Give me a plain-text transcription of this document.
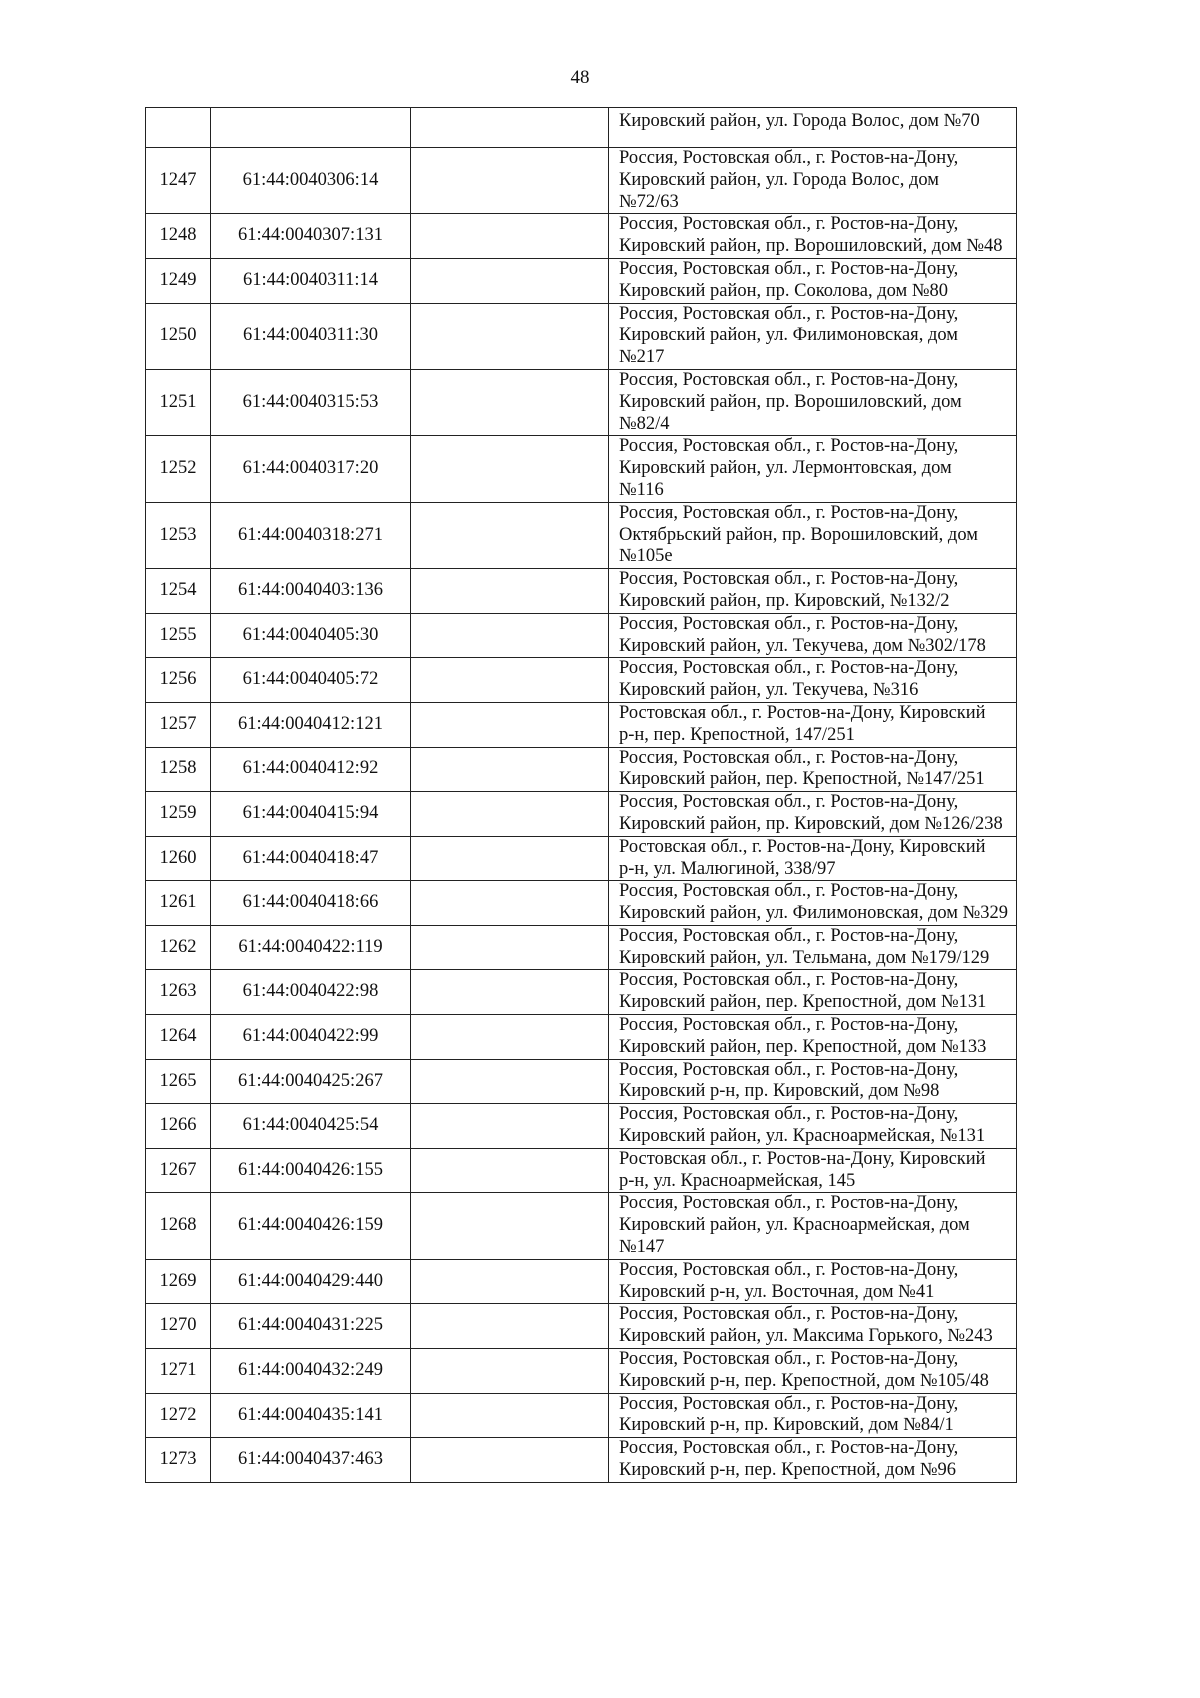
48

			Кировский район, ул. Города Волос, дом №70

1247	61:44:0040306:14		Россия, Ростовская обл., г. Ростов-на-Дону,
Кировский район, ул. Города Волос, дом
№72/63

1248	61:44:0040307:131		Россия, Ростовская обл., г. Ростов-на-Дону,
Кировский район, пр. Ворошиловский, дом №48

1249	61:44:0040311:14		Россия, Ростовская обл., г. Ростов-на-Дону,
Кировский район, пр. Соколова, дом №80

1250	61:44:0040311:30		Россия, Ростовская обл., г. Ростов-на-Дону,
Кировский район, ул. Филимоновская, дом
№217

1251	61:44:0040315:53		Россия, Ростовская обл., г. Ростов-на-Дону,
Кировский район, пр. Ворошиловский, дом
№82/4

1252	61:44:0040317:20		Россия, Ростовская обл., г. Ростов-на-Дону,
Кировский район, ул. Лермонтовская, дом
№116

1253	61:44:0040318:271		Россия, Ростовская обл., г. Ростов-на-Дону,
Октябрьский район, пр. Ворошиловский, дом
№105е

1254	61:44:0040403:136		Россия, Ростовская обл., г. Ростов-на-Дону,
Кировский район, пр. Кировский, №132/2

1255	61:44:0040405:30		Россия, Ростовская обл., г. Ростов-на-Дону,
Кировский район, ул. Текучева, дом №302/178

1256	61:44:0040405:72		Россия, Ростовская обл., г. Ростов-на-Дону,
Кировский район, ул. Текучева, №316

1257	61:44:0040412:121		Ростовская обл., г. Ростов-на-Дону, Кировский
р-н, пер. Крепостной, 147/251

1258	61:44:0040412:92		Россия, Ростовская обл., г. Ростов-на-Дону,
Кировский район, пер. Крепостной, №147/251

1259	61:44:0040415:94		Россия, Ростовская обл., г. Ростов-на-Дону,
Кировский район, пр. Кировский, дом №126/238

1260	61:44:0040418:47		Ростовская обл., г. Ростов-на-Дону, Кировский
р-н, ул. Малюгиной, 338/97

1261	61:44:0040418:66		Россия, Ростовская обл., г. Ростов-на-Дону,
Кировский район, ул. Филимоновская, дом №329

1262	61:44:0040422:119		Россия, Ростовская обл., г. Ростов-на-Дону,
Кировский район, ул. Тельмана, дом №179/129

1263	61:44:0040422:98		Россия, Ростовская обл., г. Ростов-на-Дону,
Кировский район, пер. Крепостной, дом №131

1264	61:44:0040422:99		Россия, Ростовская обл., г. Ростов-на-Дону,
Кировский район, пер. Крепостной, дом №133

1265	61:44:0040425:267		Россия, Ростовская обл., г. Ростов-на-Дону,
Кировский р-н, пр. Кировский, дом №98

1266	61:44:0040425:54		Россия, Ростовская обл., г. Ростов-на-Дону,
Кировский район, ул. Красноармейская, №131

1267	61:44:0040426:155		Ростовская обл., г. Ростов-на-Дону, Кировский
р-н, ул. Красноармейская, 145

1268	61:44:0040426:159		Россия, Ростовская обл., г. Ростов-на-Дону,
Кировский район, ул. Красноармейская, дом
№147

1269	61:44:0040429:440		Россия, Ростовская обл., г. Ростов-на-Дону,
Кировский р-н, ул. Восточная, дом №41

1270	61:44:0040431:225		Россия, Ростовская обл., г. Ростов-на-Дону,
Кировский район, ул. Максима Горького, №243

1271	61:44:0040432:249		Россия, Ростовская обл., г. Ростов-на-Дону,
Кировский р-н, пер. Крепостной, дом №105/48

1272	61:44:0040435:141		Россия, Ростовская обл., г. Ростов-на-Дону,
Кировский р-н, пр. Кировский, дом №84/1

1273	61:44:0040437:463		Россия, Ростовская обл., г. Ростов-на-Дону,
Кировский р-н, пер. Крепостной, дом №96
